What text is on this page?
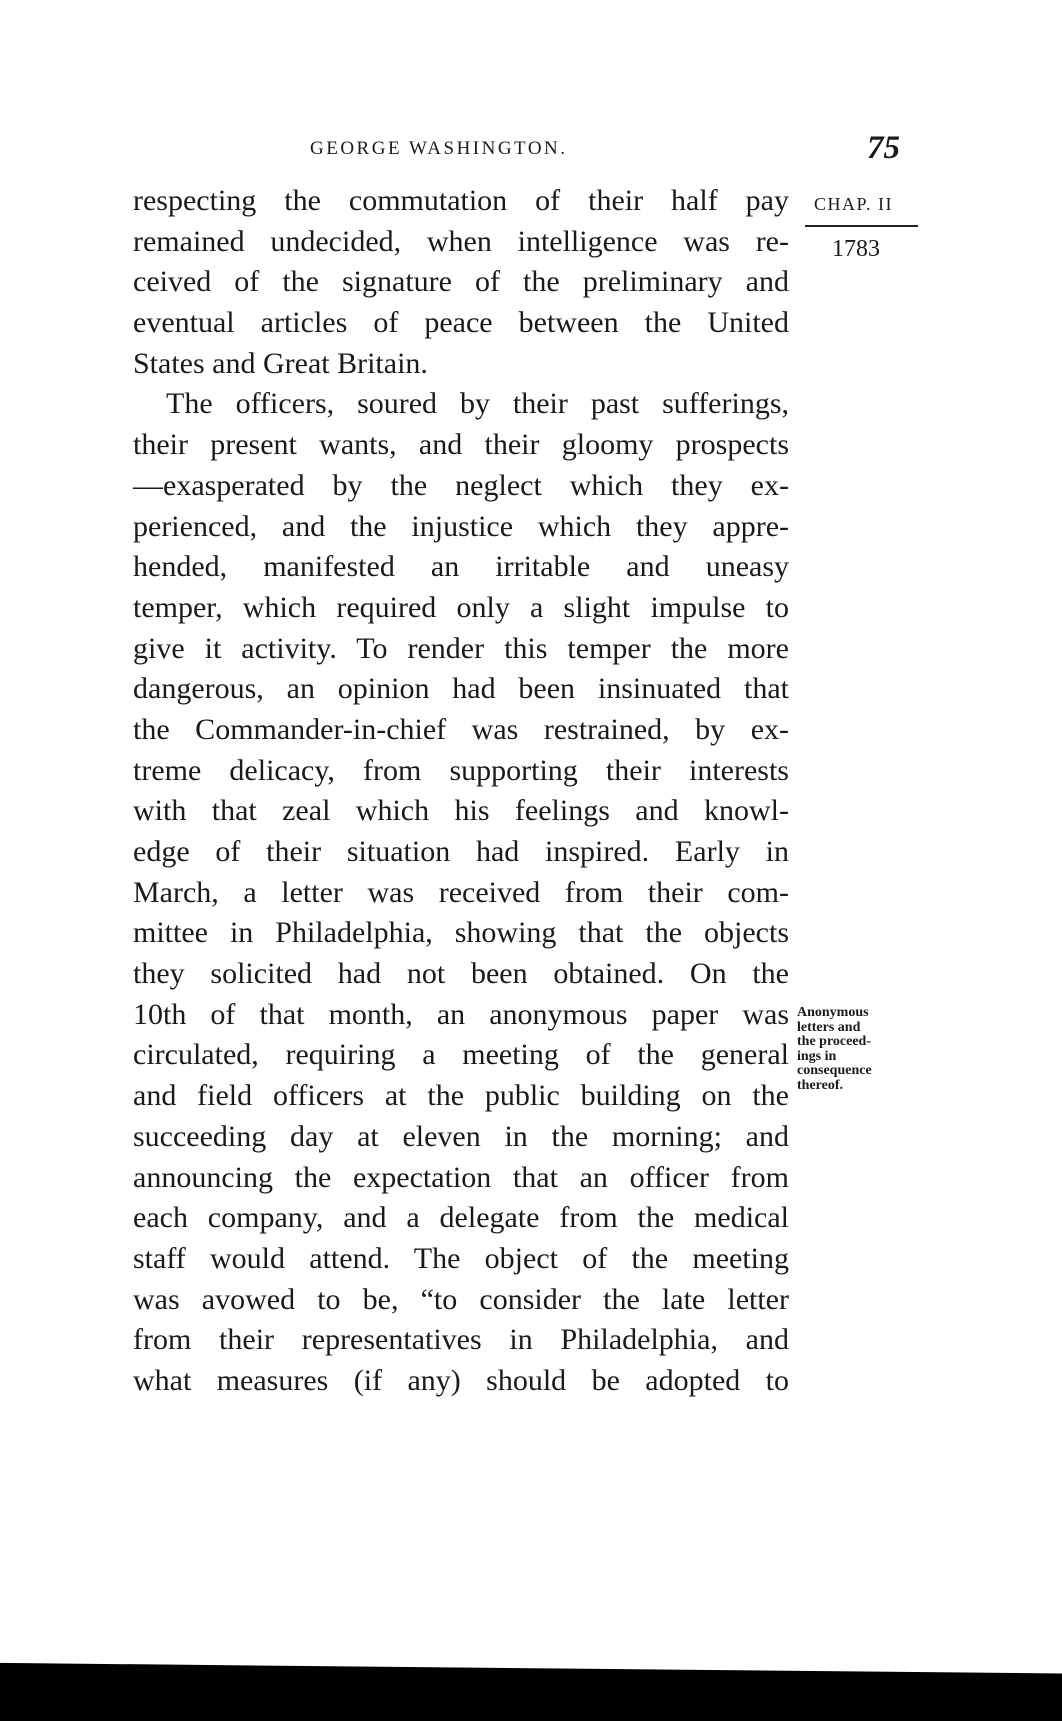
GEORGE WASHINGTON.	75
CHAP. II
1783
Anonymous
letters and
the proceed-
ings in
consequence
thereof.
respecting the commutation of their half pay
remained undecided, when intelligence was re-
ceived of the signature of the preliminary and
eventual articles of peace between the United
States and Great Britain.
The officers, soured by their past sufferings,
their present wants, and their gloomy prospects
—exasperated by the neglect which they ex-
perienced, and the injustice which they appre-
hended, manifested an irritable and uneasy
temper, which required only a slight impulse to
give it activity. To render this temper the more
dangerous, an opinion had been insinuated that
the Commander-in-chief was restrained, by ex-
treme delicacy, from supporting their interests
with that zeal which his feelings and knowl-
edge of their situation had inspired. Early in
March, a letter was received from their com-
mittee in Philadelphia, showing that the objects
they solicited had not been obtained. On the
10th of that month, an anonymous paper was
circulated, requiring a meeting of the general
and field officers at the public building on the
succeeding day at eleven in the morning; and
announcing the expectation that an officer from
each company, and a delegate from the medical
staff would attend. The object of the meeting
was avowed to be, “to consider the late letter
from their representatives in Philadelphia, and
what measures (if any) should be adopted to
